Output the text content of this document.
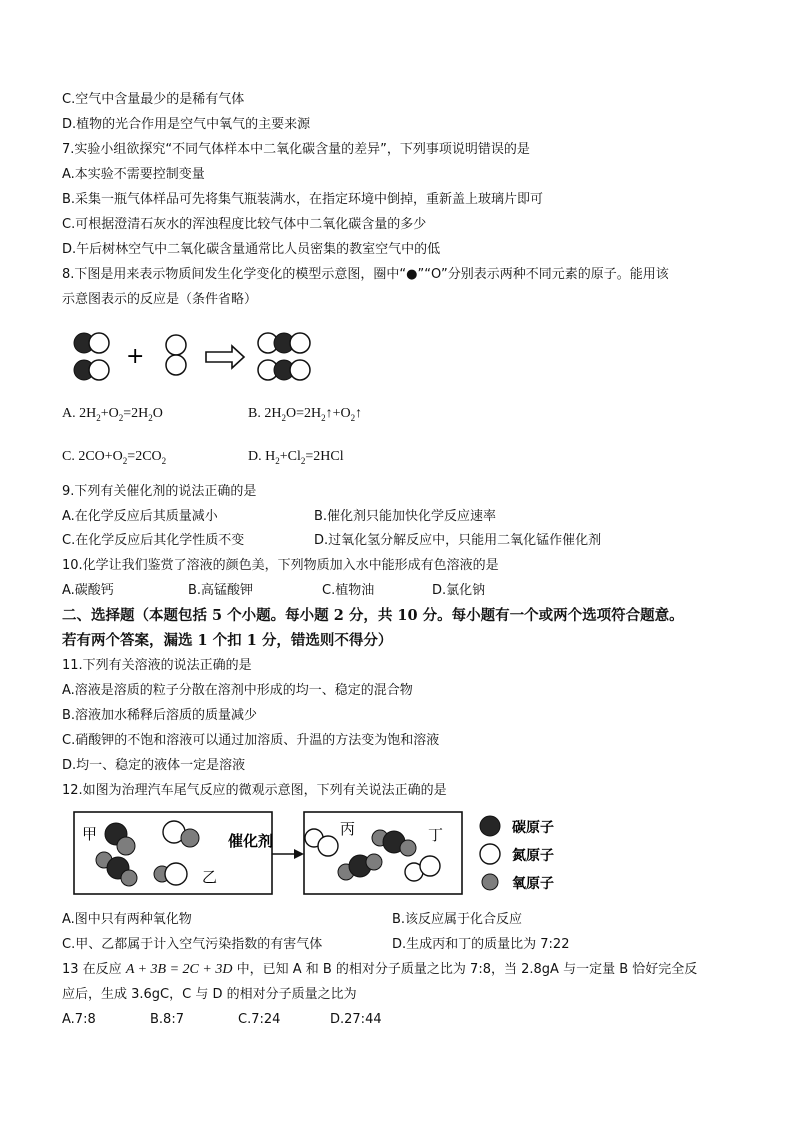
C.空气中含量最少的是稀有气体
D.植物的光合作用是空气中氧气的主要来源
7.实验小组欲探究“不同气体样本中二氧化碳含量的差异”，下列事项说明错误的是
A.本实验不需要控制变量
B.采集一瓶气体样品可先将集气瓶装满水，在指定环境中倒掉，重新盖上玻璃片即可
C.可根据澄清石灰水的浑浊程度比较气体中二氧化碳含量的多少
D.午后树林空气中二氧化碳含量通常比人员密集的教室空气中的低
8.下图是用来表示物质间发生化学变化的模型示意图，圈中“●”“O”分别表示两种不同元素的原子。能用该
示意图表示的反应是（条件省略）
+
A. $2H_2+O_2=2H_2O$	B. $2H_2O=2H_2↑+O_2↑$
C. $2CO+O_2=2CO_2$	D. $H_2+Cl_2=2HCl$
9.下列有关催化剂的说法正确的是
A.在化学反应后其质量减小	B.催化剂只能加快化学反应速率
C.在化学反应后其化学性质不变	D.过氧化氢分解反应中，只能用二氧化锰作催化剂
10.化学让我们鉴赏了溶液的颜色美，下列物质加入水中能形成有色溶液的是
A.碳酸钙	B.高锰酸钾	C.植物油	D.氯化钠
二、选择题（本题包括 5 个小题。每小题 2 分，共 10 分。每小题有一个或两个选项符合题意。
若有两个答案，漏选 1 个扣 1 分，错选则不得分）
11.下列有关溶液的说法正确的是
A.溶液是溶质的粒子分散在溶剂中形成的均一、稳定的混合物
B.溶液加水稀释后溶质的质量减少
C.硝酸钾的不饱和溶液可以通过加溶质、升温的方法变为饱和溶液
D.均一、稳定的液体一定是溶液
12.如图为治理汽车尾气反应的微观示意图，下列有关说法正确的是
甲
乙
催化剂
丙	丁	碳原子
氮原子
氧原子
A.图中只有两种氧化物	B.该反应属于化合反应
C.甲、乙都属于计入空气污染指数的有害气体	D.生成丙和丁的质量比为 7:22
13 在反应 A + 3B = 2C + 3D 中，已知 A 和 B 的相对分子质量之比为 7:8，当 2.8gA 与一定量 B 恰好完全反
应后，生成 3.6gC，C 与 D 的相对分子质量之比为
A.7:8	B.8:7	C.7:24	D.27:44
